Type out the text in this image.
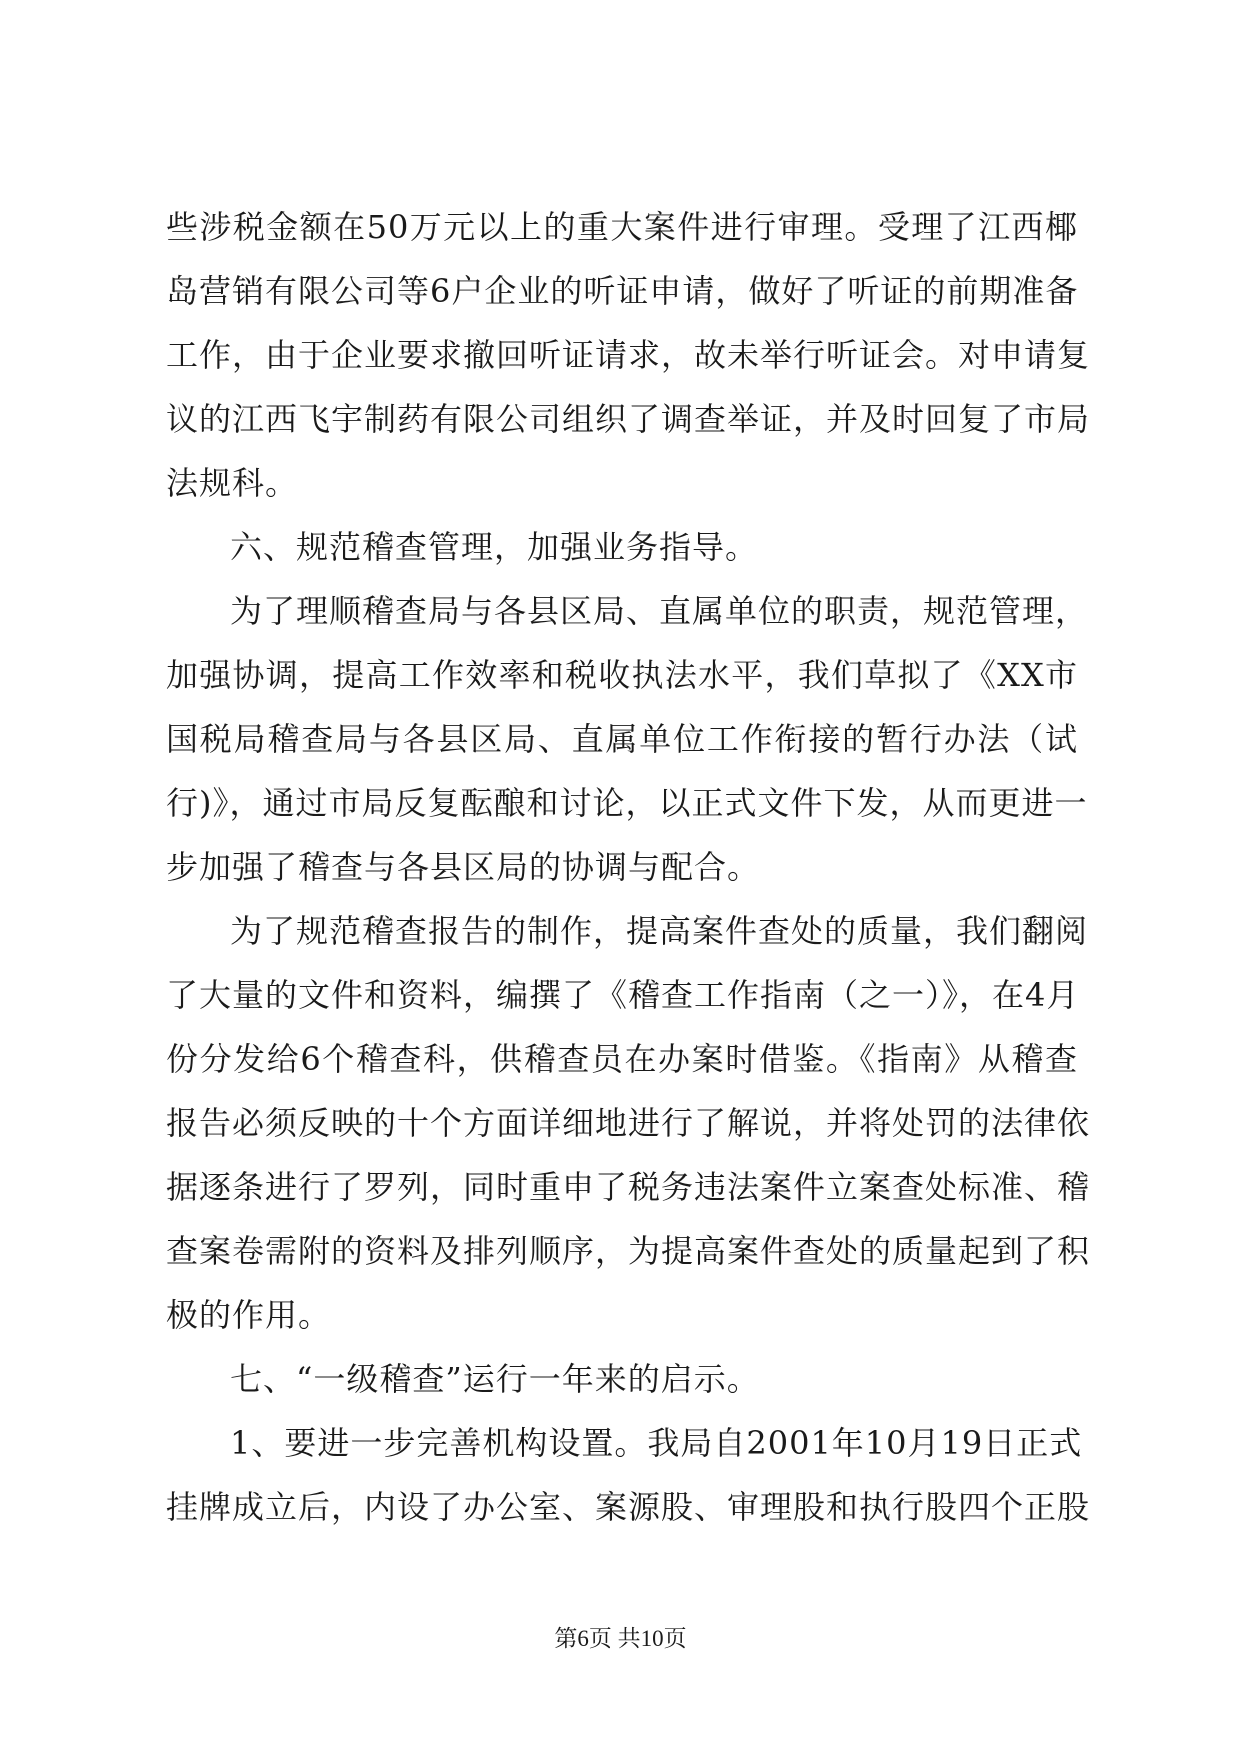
些涉税金额在50万元以上的重大案件进行审理。受理了江西椰
岛营销有限公司等6户企业的听证申请，做好了听证的前期准备
工作，由于企业要求撤回听证请求，故未举行听证会。对申请复
议的江西飞宇制药有限公司组织了调查举证，并及时回复了市局
法规科。
六、规范稽查管理，加强业务指导。
为了理顺稽查局与各县区局、直属单位的职责，规范管理，
加强协调，提高工作效率和税收执法水平，我们草拟了《XX市
国税局稽查局与各县区局、直属单位工作衔接的暂行办法（试
行)》，通过市局反复酝酿和讨论，以正式文件下发，从而更进一
步加强了稽查与各县区局的协调与配合。
为了规范稽查报告的制作，提高案件查处的质量，我们翻阅
了大量的文件和资料，编撰了《稽查工作指南（之一）》，在4月
份分发给6个稽查科，供稽查员在办案时借鉴。《指南》从稽查
报告必须反映的十个方面详细地进行了解说，并将处罚的法律依
据逐条进行了罗列，同时重申了税务违法案件立案查处标准、稽
查案卷需附的资料及排列顺序，为提高案件查处的质量起到了积
极的作用。
七、“一级稽查”运行一年来的启示。
1、要进一步完善机构设置。我局自2001年10月19日正式
挂牌成立后，内设了办公室、案源股、审理股和执行股四个正股
第6页 共10页
